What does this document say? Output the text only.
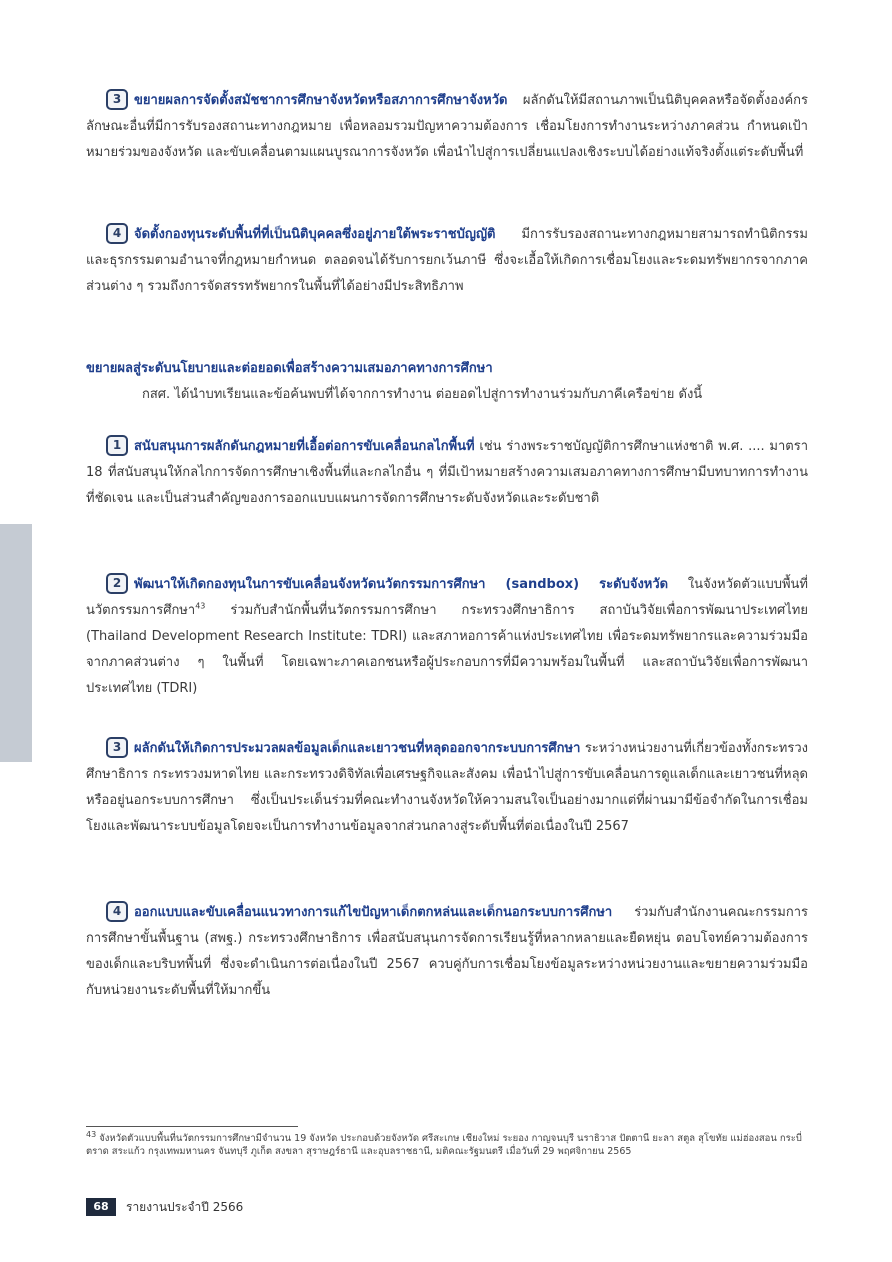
3 ขยายผลการจัดตั้งสมัชชาการศึกษาจังหวัดหรือสภาการศึกษาจังหวัด ผลักดันให้มีสถานภาพเป็นนิติบุคคลหรือจัดตั้งองค์กรลักษณะอื่นที่มีการรับรองสถานะทางกฎหมาย เพื่อหลอมรวมปัญหาความต้องการ เชื่อมโยงการทำงานระหว่างภาคส่วน กำหนดเป้าหมายร่วมของจังหวัด และขับเคลื่อนตามแผนบูรณาการจังหวัด เพื่อนำไปสู่การเปลี่ยนแปลงเชิงระบบได้อย่างแท้จริงตั้งแต่ระดับพื้นที่

4 จัดตั้งกองทุนระดับพื้นที่ที่เป็นนิติบุคคลซึ่งอยู่ภายใต้พระราชบัญญัติ มีการรับรองสถานะทางกฎหมายสามารถทำนิติกรรมและธุรกรรมตามอำนาจที่กฎหมายกำหนด ตลอดจนได้รับการยกเว้นภาษี ซึ่งจะเอื้อให้เกิดการเชื่อมโยงและระดมทรัพยากรจากภาคส่วนต่าง ๆ รวมถึงการจัดสรรทรัพยากรในพื้นที่ได้อย่างมีประสิทธิภาพ

ขยายผลสู่ระดับนโยบายและต่อยอดเพื่อสร้างความเสมอภาคทางการศึกษา

กสศ. ได้นำบทเรียนและข้อค้นพบที่ได้จากการทำงาน ต่อยอดไปสู่การทำงานร่วมกับภาคีเครือข่าย ดังนี้

1 สนับสนุนการผลักดันกฎหมายที่เอื้อต่อการขับเคลื่อนกลไกพื้นที่ เช่น ร่างพระราชบัญญัติการศึกษาแห่งชาติ พ.ศ. .... มาตรา 18 ที่สนับสนุนให้กลไกการจัดการศึกษาเชิงพื้นที่และกลไกอื่น ๆ ที่มีเป้าหมายสร้างความเสมอภาคทางการศึกษามีบทบาทการทำงานที่ชัดเจน และเป็นส่วนสำคัญของการออกแบบแผนการจัดการศึกษาระดับจังหวัดและระดับชาติ

2 พัฒนาให้เกิดกองทุนในการขับเคลื่อนจังหวัดนวัตกรรมการศึกษา (sandbox) ระดับจังหวัด ในจังหวัดตัวแบบพื้นที่นวัตกรรมการศึกษา$^{43}$ ร่วมกับสำนักพื้นที่นวัตกรรมการศึกษา กระทรวงศึกษาธิการ สถาบันวิจัยเพื่อการพัฒนาประเทศไทย (Thailand Development Research Institute: TDRI) และสภาหอการค้าแห่งประเทศไทย เพื่อระดมทรัพยากรและความร่วมมือจากภาคส่วนต่าง ๆ ในพื้นที่ โดยเฉพาะภาคเอกชนหรือผู้ประกอบการที่มีความพร้อมในพื้นที่ และสถาบันวิจัยเพื่อการพัฒนาประเทศไทย (TDRI)

3 ผลักดันให้เกิดการประมวลผลข้อมูลเด็กและเยาวชนที่หลุดออกจากระบบการศึกษา ระหว่างหน่วยงานที่เกี่ยวข้องทั้งกระทรวงศึกษาธิการ กระทรวงมหาดไทย และกระทรวงดิจิทัลเพื่อเศรษฐกิจและสังคม เพื่อนำไปสู่การขับเคลื่อนการดูแลเด็กและเยาวชนที่หลุดหรืออยู่นอกระบบการศึกษา ซึ่งเป็นประเด็นร่วมที่คณะทำงานจังหวัดให้ความสนใจเป็นอย่างมากแต่ที่ผ่านมามีข้อจำกัดในการเชื่อมโยงและพัฒนาระบบข้อมูลโดยจะเป็นการทำงานข้อมูลจากส่วนกลางสู่ระดับพื้นที่ต่อเนื่องในปี 2567

4 ออกแบบและขับเคลื่อนแนวทางการแก้ไขปัญหาเด็กตกหล่นและเด็กนอกระบบการศึกษา ร่วมกับสำนักงานคณะกรรมการการศึกษาขั้นพื้นฐาน (สพฐ.) กระทรวงศึกษาธิการ เพื่อสนับสนุนการจัดการเรียนรู้ที่หลากหลายและยืดหยุ่น ตอบโจทย์ความต้องการของเด็กและบริบทพื้นที่ ซึ่งจะดำเนินการต่อเนื่องในปี 2567 ควบคู่กับการเชื่อมโยงข้อมูลระหว่างหน่วยงานและขยายความร่วมมือกับหน่วยงานระดับพื้นที่ให้มากขึ้น

$^{43}$ จังหวัดตัวแบบพื้นที่นวัตกรรมการศึกษามีจำนวน 19 จังหวัด ประกอบด้วยจังหวัด ศรีสะเกษ เชียงใหม่ ระยอง กาญจนบุรี นราธิวาส ปัตตานี ยะลา สตูล สุโขทัย แม่ฮ่องสอน กระบี่ ตราด สระแก้ว กรุงเทพมหานคร จันทบุรี ภูเก็ต สงขลา สุราษฎร์ธานี และอุบลราชธานี, มติคณะรัฐมนตรี เมื่อวันที่ 29 พฤศจิกายน 2565

68	รายงานประจำปี 2566
